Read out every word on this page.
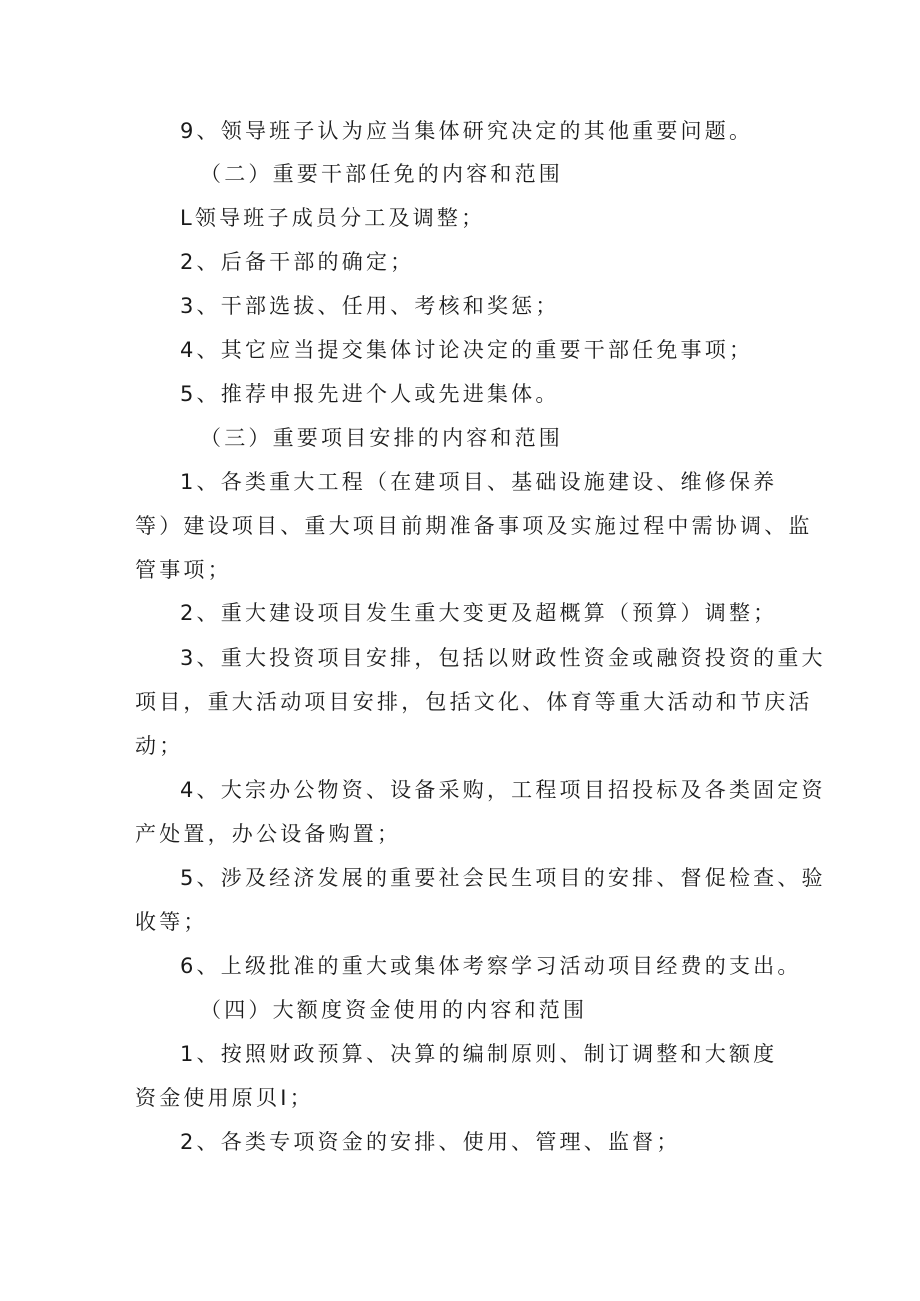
9、领导班子认为应当集体研究决定的其他重要问题。
（二）重要干部任免的内容和范围
L领导班子成员分工及调整；
2、后备干部的确定；
3、干部选拔、任用、考核和奖惩；
4、其它应当提交集体讨论决定的重要干部任免事项；
5、推荐申报先进个人或先进集体。
（三）重要项目安排的内容和范围
1、各类重大工程（在建项目、基础设施建设、维修保养
等）建设项目、重大项目前期准备事项及实施过程中需协调、监
管事项；
2、重大建设项目发生重大变更及超概算（预算）调整；
3、重大投资项目安排，包括以财政性资金或融资投资的重大
项目，重大活动项目安排，包括文化、体育等重大活动和节庆活
动；
4、大宗办公物资、设备采购，工程项目招投标及各类固定资
产处置，办公设备购置；
5、涉及经济发展的重要社会民生项目的安排、督促检查、验
收等；
6、上级批准的重大或集体考察学习活动项目经费的支出。
（四）大额度资金使用的内容和范围
1、按照财政预算、决算的编制原则、制订调整和大额度
资金使用原贝I；
2、各类专项资金的安排、使用、管理、监督；
